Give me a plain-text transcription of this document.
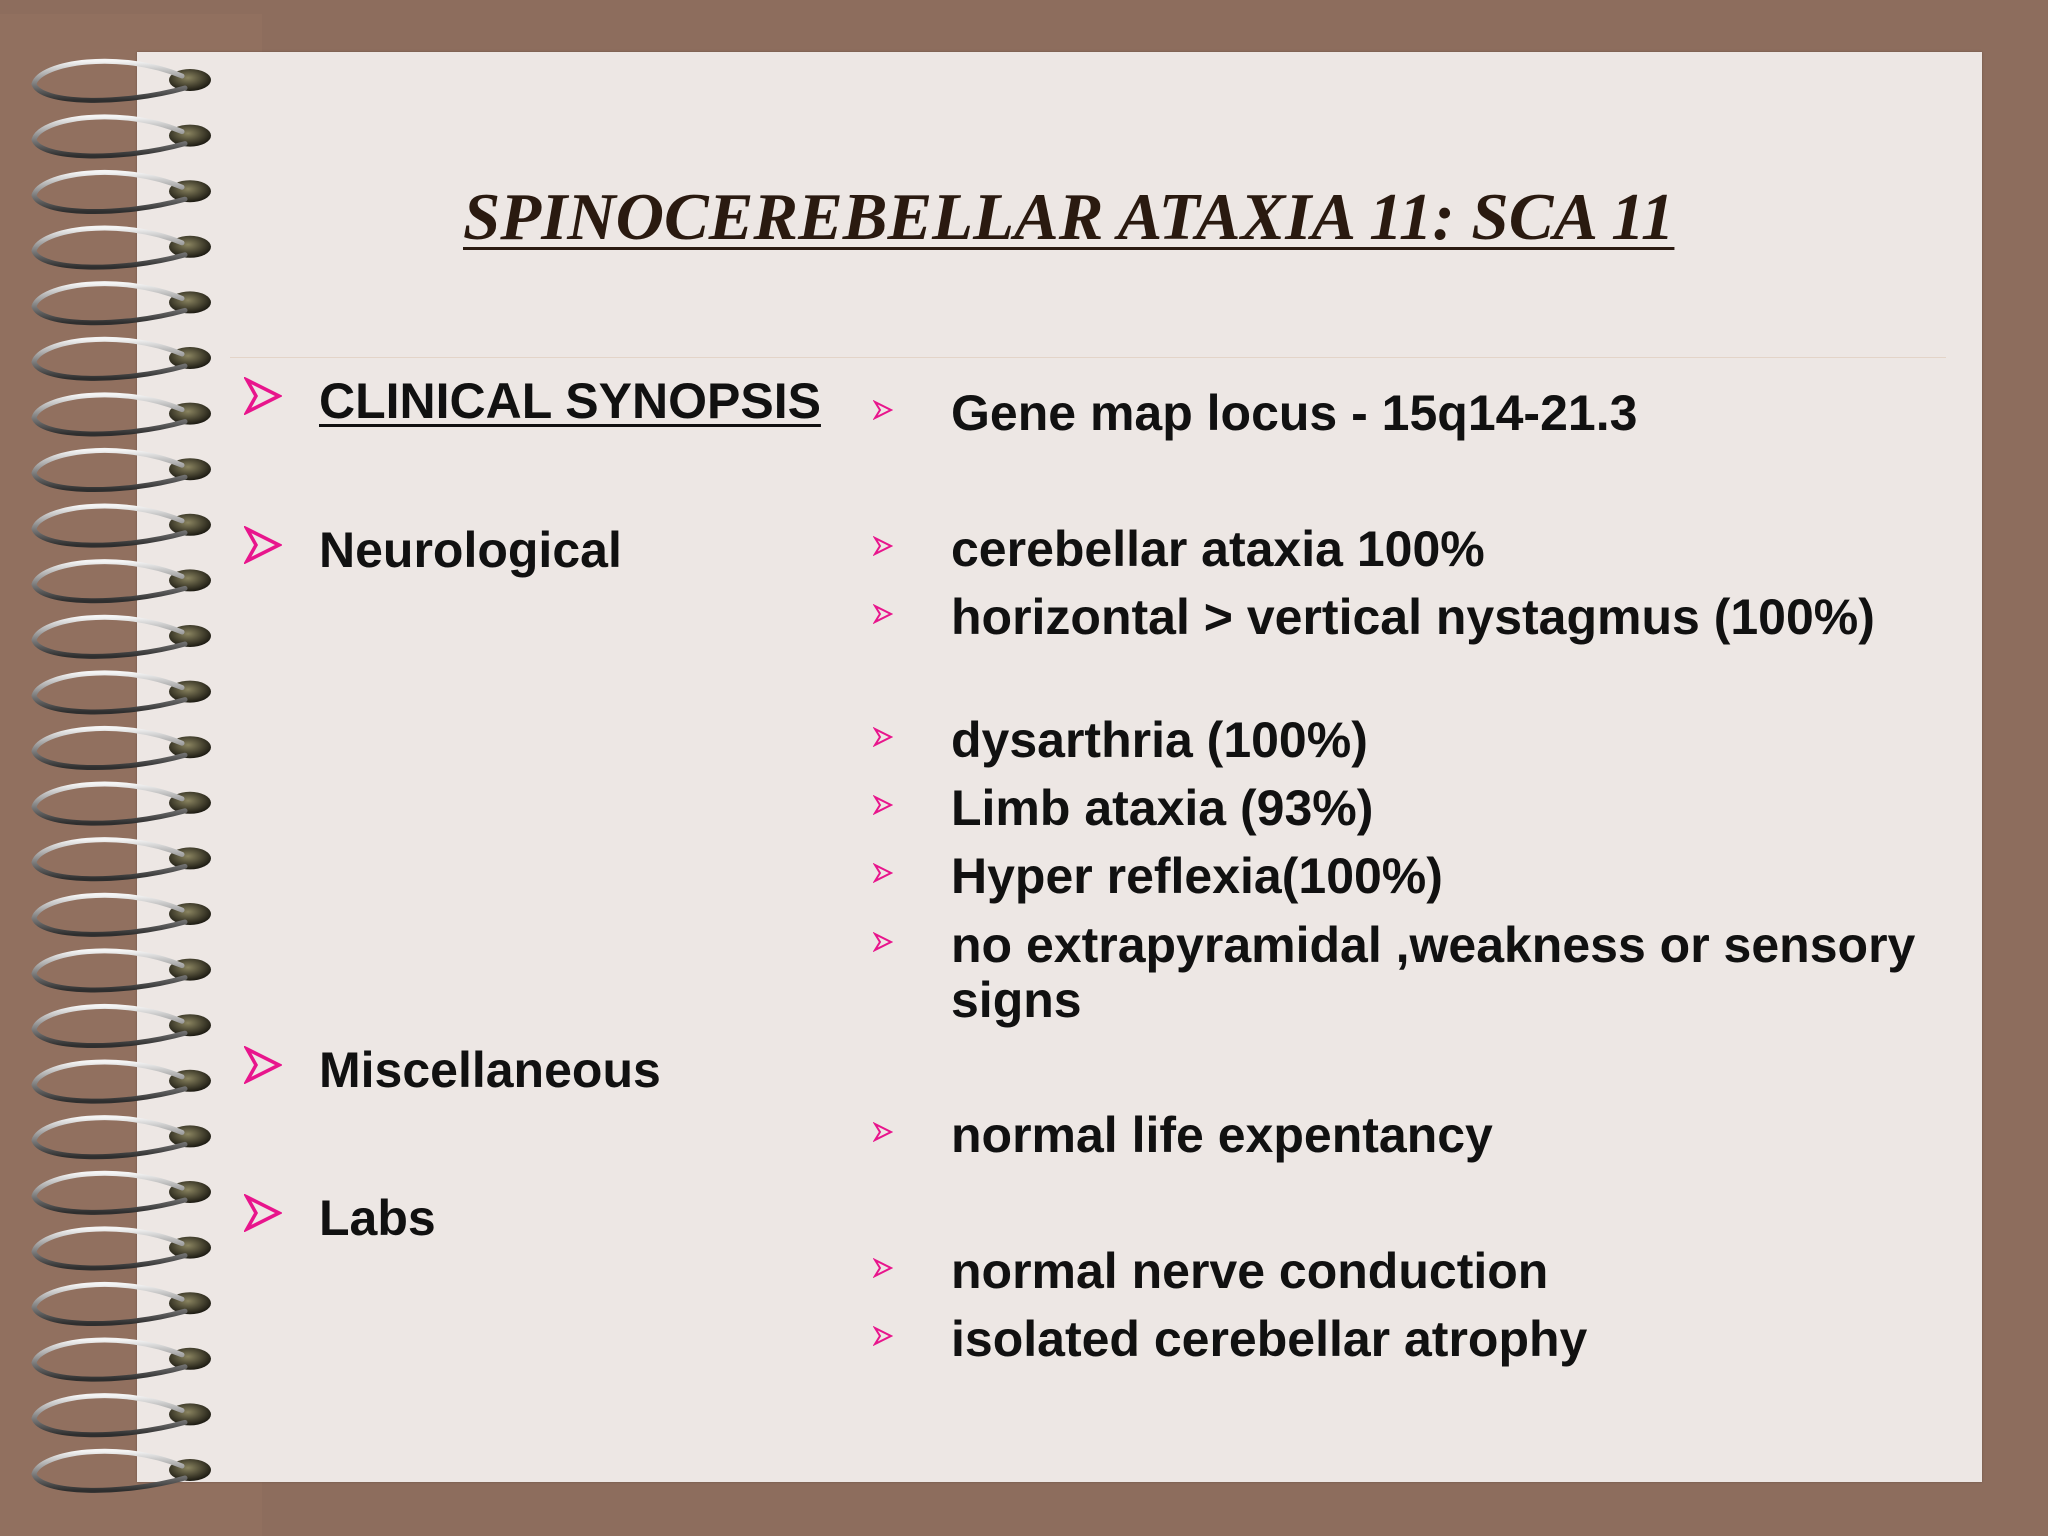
SPINOCEREBELLAR ATAXIA 11: SCA 11
CLINICAL SYNOPSIS
Neurological
Miscellaneous
Labs
Gene map locus - 15q14-21.3
cerebellar ataxia 100%
horizontal > vertical nystagmus (100%)
dysarthria (100%)
Limb ataxia (93%)
Hyper reflexia(100%)
no extrapyramidal ,weakness or sensory signs
normal life expentancy
normal nerve conduction
isolated cerebellar atrophy
